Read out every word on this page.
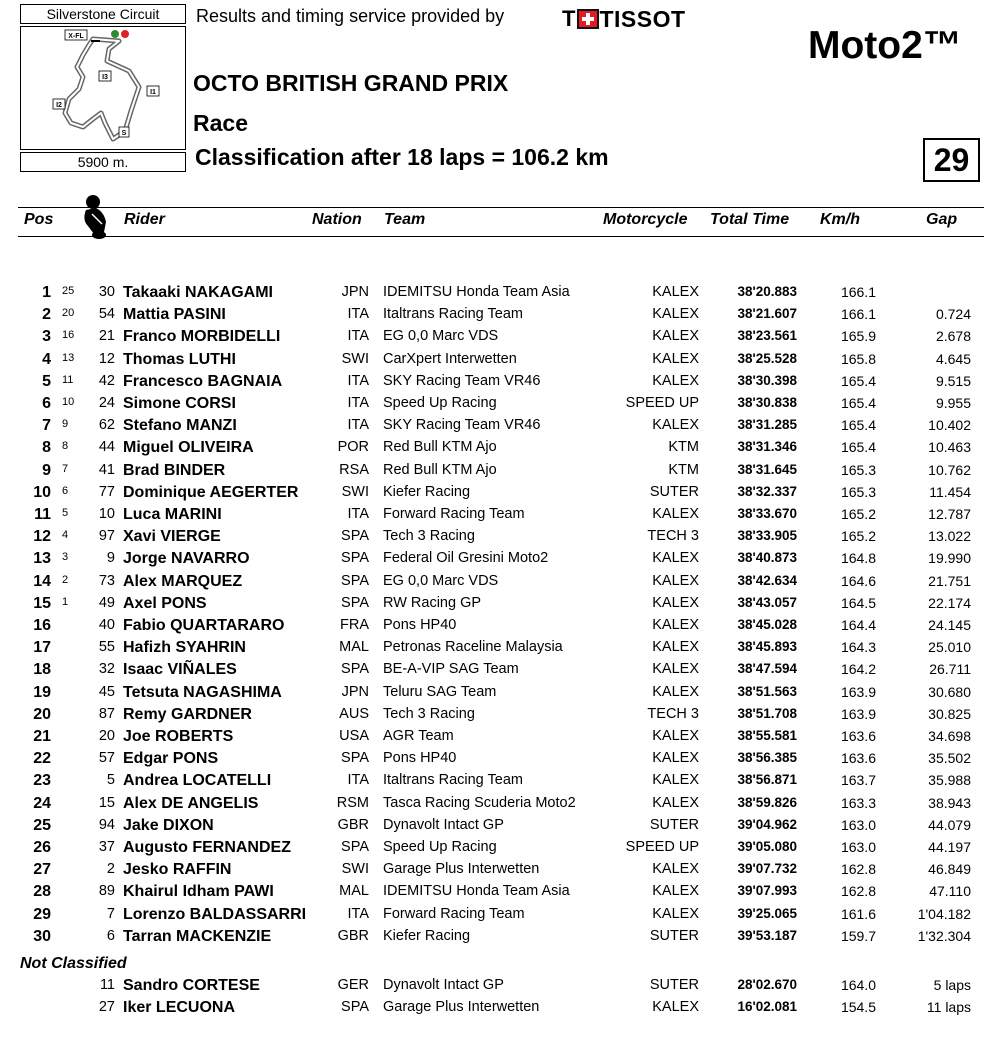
Silverstone Circuit
X-FL
I1
I2
I3
S
5900 m.
Results and timing service provided by	T TISSOT
Moto2™
OCTO BRITISH GRAND PRIX
Race
Classification after 18 laps = 106.2 km	29
Pos	Rider	Nation Team	Motorcycle Total Time Km/h	Gap
1 25 30 Takaaki NAKAGAMI	JPN IDEMITSU Honda Team Asia	KALEX	38'20.883	166.1
2 20 54 Mattia PASINI	ITA Italtrans Racing Team	KALEX	38'21.607	166.1	0.724
3 16 21 Franco MORBIDELLI	ITA EG 0,0 Marc VDS	KALEX	38'23.561	165.9	2.678
4 13 12 Thomas LUTHI	SWI CarXpert Interwetten	KALEX	38'25.528	165.8	4.645
5 11 42 Francesco BAGNAIA	ITA SKY Racing Team VR46	KALEX	38'30.398	165.4	9.515
6 10 24 Simone CORSI	ITA Speed Up Racing	SPEED UP	38'30.838	165.4	9.955
7 9 62 Stefano MANZI	ITA SKY Racing Team VR46	KALEX	38'31.285	165.4	10.402
8 8 44 Miguel OLIVEIRA	POR Red Bull KTM Ajo	KTM	38'31.346	165.4	10.463
9 7 41 Brad BINDER	RSA Red Bull KTM Ajo	KTM	38'31.645	165.3	10.762
10 6 77 Dominique AEGERTER	SWI Kiefer Racing	SUTER	38'32.337	165.3	11.454
11 5 10 Luca MARINI	ITA Forward Racing Team	KALEX	38'33.670	165.2	12.787
12 4 97 Xavi VIERGE	SPA Tech 3 Racing	TECH 3	38'33.905	165.2	13.022
13 3	9 Jorge NAVARRO	SPA Federal Oil Gresini Moto2	KALEX	38'40.873	164.8	19.990
14 2 73 Alex MARQUEZ	SPA EG 0,0 Marc VDS	KALEX	38'42.634	164.6	21.751
15 1 49 Axel PONS	SPA RW Racing GP	KALEX	38'43.057	164.5	22.174
16	40 Fabio QUARTARARO	FRA Pons HP40	KALEX	38'45.028	164.4	24.145
17	55 Hafizh SYAHRIN	MAL Petronas Raceline Malaysia	KALEX	38'45.893	164.3	25.010
18	32 Isaac VIÑALES	SPA BE-A-VIP SAG Team	KALEX	38'47.594	164.2	26.711
19	45 Tetsuta NAGASHIMA	JPN Teluru SAG Team	KALEX	38'51.563	163.9	30.680
20	87 Remy GARDNER	AUS Tech 3 Racing	TECH 3	38'51.708	163.9	30.825
21	20 Joe ROBERTS	USA AGR Team	KALEX	38'55.581	163.6	34.698
22	57 Edgar PONS	SPA Pons HP40	KALEX	38'56.385	163.6	35.502
23	5 Andrea LOCATELLI	ITA Italtrans Racing Team	KALEX	38'56.871	163.7	35.988
24	15 Alex DE ANGELIS	RSM Tasca Racing Scuderia Moto2	KALEX	38'59.826	163.3	38.943
25	94 Jake DIXON	GBR Dynavolt Intact GP	SUTER	39'04.962	163.0	44.079
26	37 Augusto FERNANDEZ	SPA Speed Up Racing	SPEED UP	39'05.080	163.0	44.197
27	2 Jesko RAFFIN	SWI Garage Plus Interwetten	KALEX	39'07.732	162.8	46.849
28	89 Khairul Idham PAWI	MAL IDEMITSU Honda Team Asia	KALEX	39'07.993	162.8	47.110
29	7 Lorenzo BALDASSARRI	ITA Forward Racing Team	KALEX	39'25.065	161.6	1'04.182
30	6 Tarran MACKENZIE	GBR Kiefer Racing	SUTER	39'53.187	159.7	1'32.304
11 Sandro CORTESE	GER Dynavolt Intact GP	SUTER	28'02.670	164.0	5 laps
27 Iker LECUONA	SPA Garage Plus Interwetten	KALEX	16'02.081	154.5	11 laps
Not Classified
